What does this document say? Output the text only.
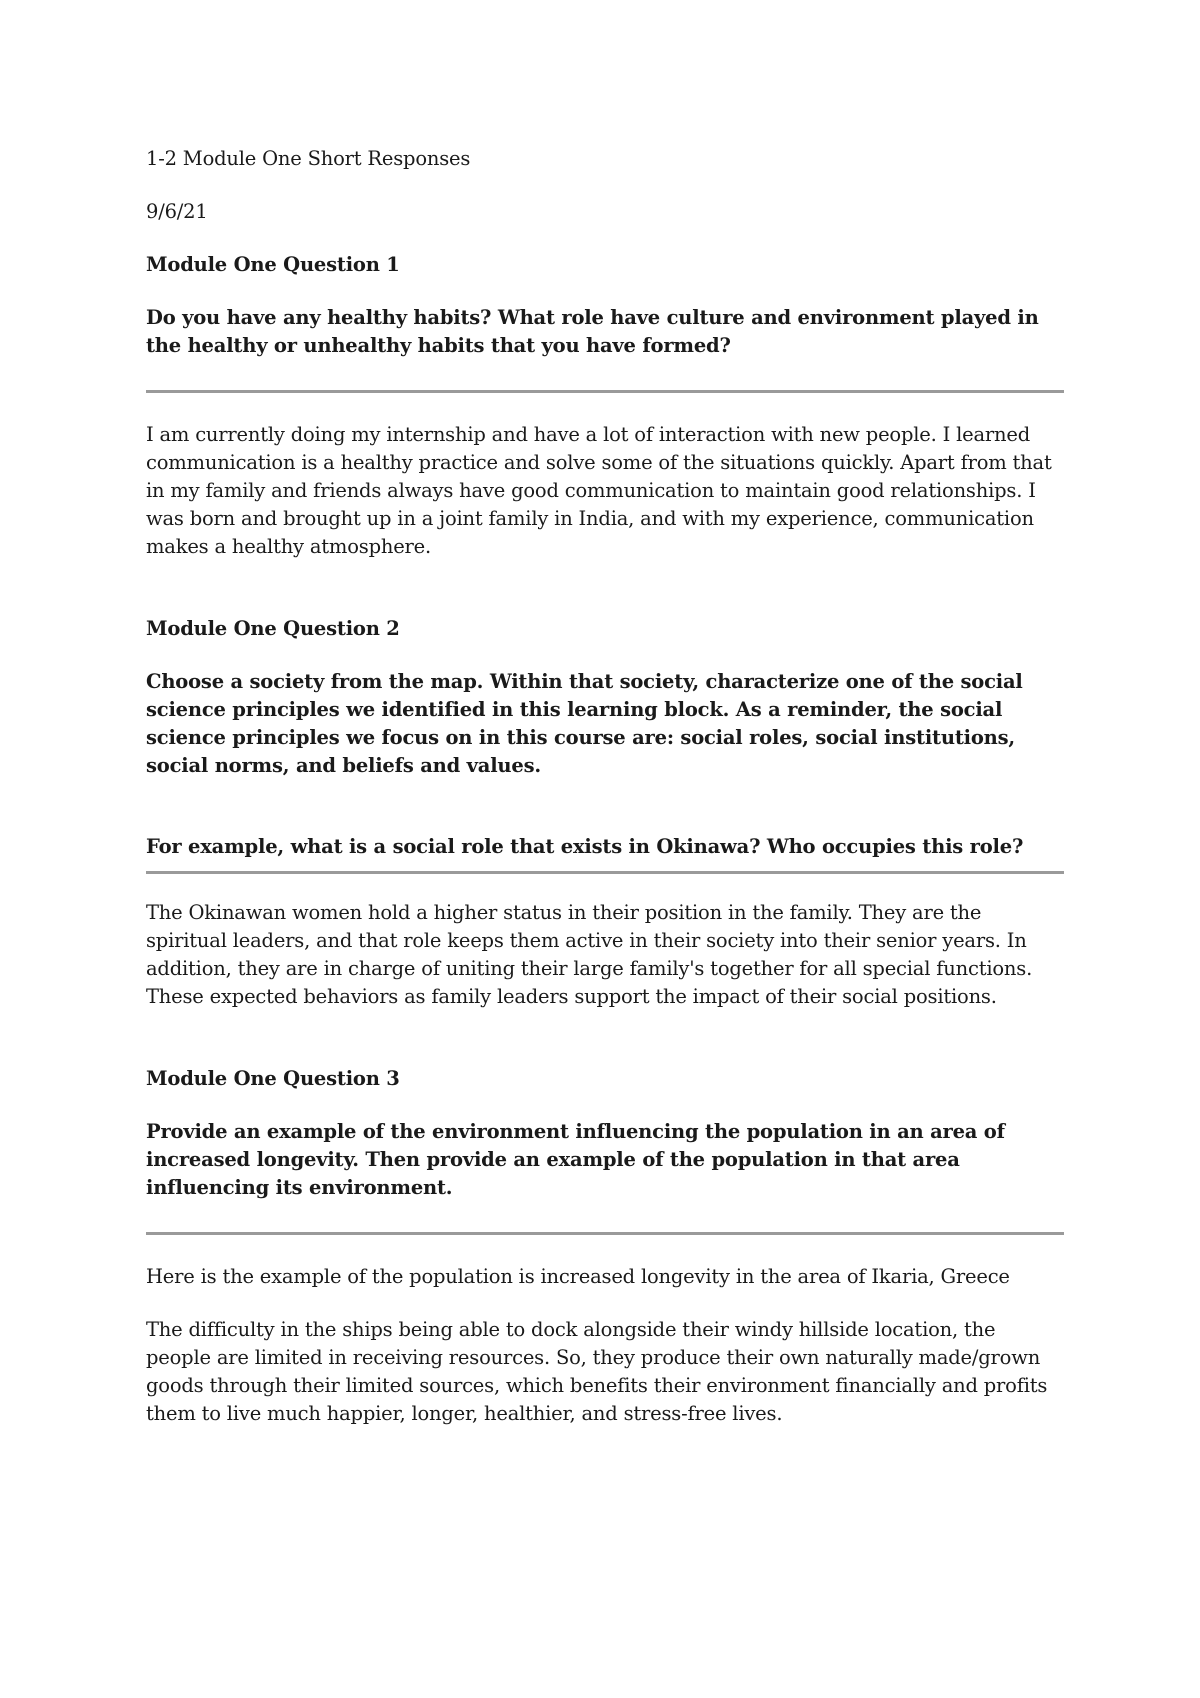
1-2 Module One Short Responses

9/6/21

Module One Question 1

Do you have any healthy habits? What role have culture and environment played in the healthy or unhealthy habits that you have formed?

I am currently doing my internship and have a lot of interaction with new people. I learned communication is a healthy practice and solve some of the situations quickly. Apart from that in my family and friends always have good communication to maintain good relationships. I was born and brought up in a joint family in India, and with my experience, communication makes a healthy atmosphere.

Module One Question 2

Choose a society from the map. Within that society, characterize one of the social science principles we identified in this learning block. As a reminder, the social science principles we focus on in this course are: social roles, social institutions, social norms, and beliefs and values.

For example, what is a social role that exists in Okinawa? Who occupies this role?

The Okinawan women hold a higher status in their position in the family. They are the spiritual leaders, and that role keeps them active in their society into their senior years. In addition, they are in charge of uniting their large family's together for all special functions. These expected behaviors as family leaders support the impact of their social positions.

Module One Question 3

Provide an example of the environment influencing the population in an area of increased longevity. Then provide an example of the population in that area influencing its environment.

Here is the example of the population is increased longevity in the area of Ikaria, Greece

The difficulty in the ships being able to dock alongside their windy hillside location, the people are limited in receiving resources. So, they produce their own naturally made/grown goods through their limited sources, which benefits their environment financially and profits them to live much happier, longer, healthier, and stress-free lives.
